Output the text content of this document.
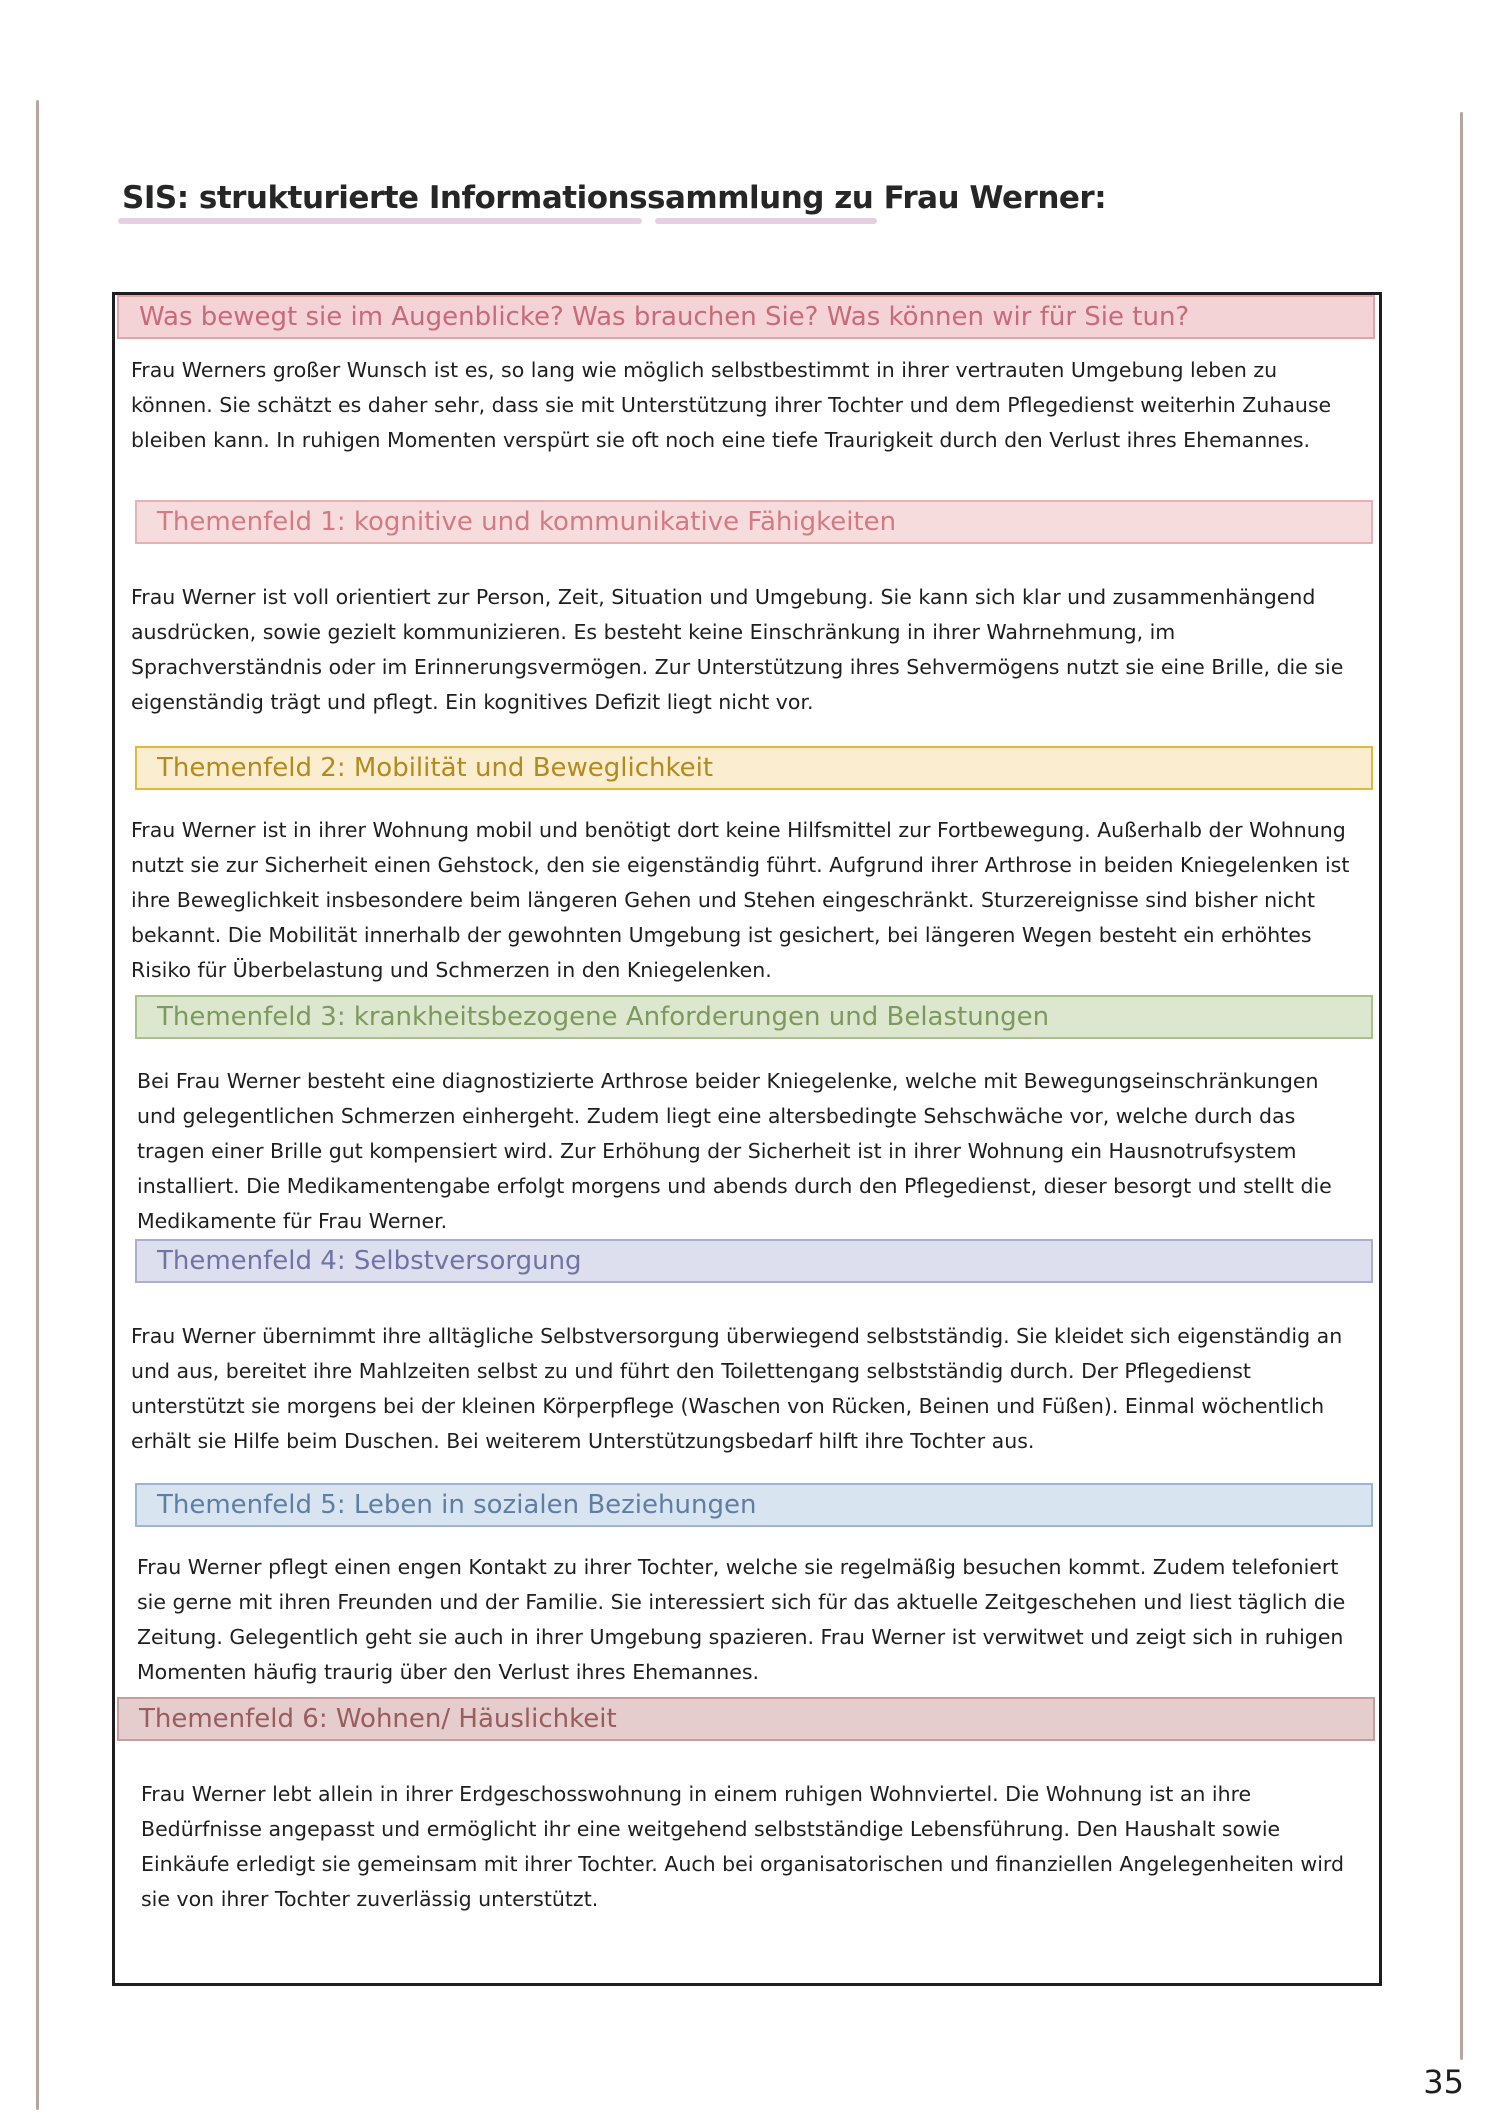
SIS: strukturierte Informationssammlung zu Frau Werner:
Was bewegt sie im Augenblicke? Was brauchen Sie? Was können wir für Sie tun?

Frau Werners großer Wunsch ist es, so lang wie möglich selbstbestimmt in ihrer vertrauten Umgebung leben zu können. Sie schätzt es daher sehr, dass sie mit Unterstützung ihrer Tochter und dem Pflegedienst weiterhin Zuhause bleiben kann. In ruhigen Momenten verspürt sie oft noch eine tiefe Traurigkeit durch den Verlust ihres Ehemannes.

Themenfeld 1: kognitive und kommunikative Fähigkeiten

Frau Werner ist voll orientiert zur Person, Zeit, Situation und Umgebung. Sie kann sich klar und zusammenhängend ausdrücken, sowie gezielt kommunizieren. Es besteht keine Einschränkung in ihrer Wahrnehmung, im Sprachverständnis oder im Erinnerungsvermögen. Zur Unterstützung ihres Sehvermögens nutzt sie eine Brille, die sie eigenständig trägt und pflegt. Ein kognitives Defizit liegt nicht vor.

Themenfeld 2: Mobilität und Beweglichkeit

Frau Werner ist in ihrer Wohnung mobil und benötigt dort keine Hilfsmittel zur Fortbewegung. Außerhalb der Wohnung nutzt sie zur Sicherheit einen Gehstock, den sie eigenständig führt. Aufgrund ihrer Arthrose in beiden Kniegelenken ist ihre Beweglichkeit insbesondere beim längeren Gehen und Stehen eingeschränkt. Sturzereignisse sind bisher nicht bekannt. Die Mobilität innerhalb der gewohnten Umgebung ist gesichert, bei längeren Wegen besteht ein erhöhtes Risiko für Überbelastung und Schmerzen in den Kniegelenken.

Themenfeld 3: krankheitsbezogene Anforderungen und Belastungen

Bei Frau Werner besteht eine diagnostizierte Arthrose beider Kniegelenke, welche mit Bewegungseinschränkungen und gelegentlichen Schmerzen einhergeht. Zudem liegt eine altersbedingte Sehschwäche vor, welche durch das tragen einer Brille gut kompensiert wird. Zur Erhöhung der Sicherheit ist in ihrer Wohnung ein Hausnotrufsystem installiert. Die Medikamentengabe erfolgt morgens und abends durch den Pflegedienst, dieser besorgt und stellt die Medikamente für Frau Werner.

Themenfeld 4: Selbstversorgung

Frau Werner übernimmt ihre alltägliche Selbstversorgung überwiegend selbstständig. Sie kleidet sich eigenständig an und aus, bereitet ihre Mahlzeiten selbst zu und führt den Toilettengang selbstständig durch. Der Pflegedienst unterstützt sie morgens bei der kleinen Körperpflege (Waschen von Rücken, Beinen und Füßen). Einmal wöchentlich erhält sie Hilfe beim Duschen. Bei weiterem Unterstützungsbedarf hilft ihre Tochter aus.

Themenfeld 5: Leben in sozialen Beziehungen

Frau Werner pflegt einen engen Kontakt zu ihrer Tochter, welche sie regelmäßig besuchen kommt. Zudem telefoniert sie gerne mit ihren Freunden und der Familie. Sie interessiert sich für das aktuelle Zeitgeschehen und liest täglich die Zeitung. Gelegentlich geht sie auch in ihrer Umgebung spazieren. Frau Werner ist verwitwet und zeigt sich in ruhigen Momenten häufig traurig über den Verlust ihres Ehemannes.

Themenfeld 6: Wohnen/ Häuslichkeit

Frau Werner lebt allein in ihrer Erdgeschosswohnung in einem ruhigen Wohnviertel. Die Wohnung ist an ihre Bedürfnisse angepasst und ermöglicht ihr eine weitgehend selbstständige Lebensführung. Den Haushalt sowie Einkäufe erledigt sie gemeinsam mit ihrer Tochter. Auch bei organisatorischen und finanziellen Angelegenheiten wird sie von ihrer Tochter zuverlässig unterstützt.

35
